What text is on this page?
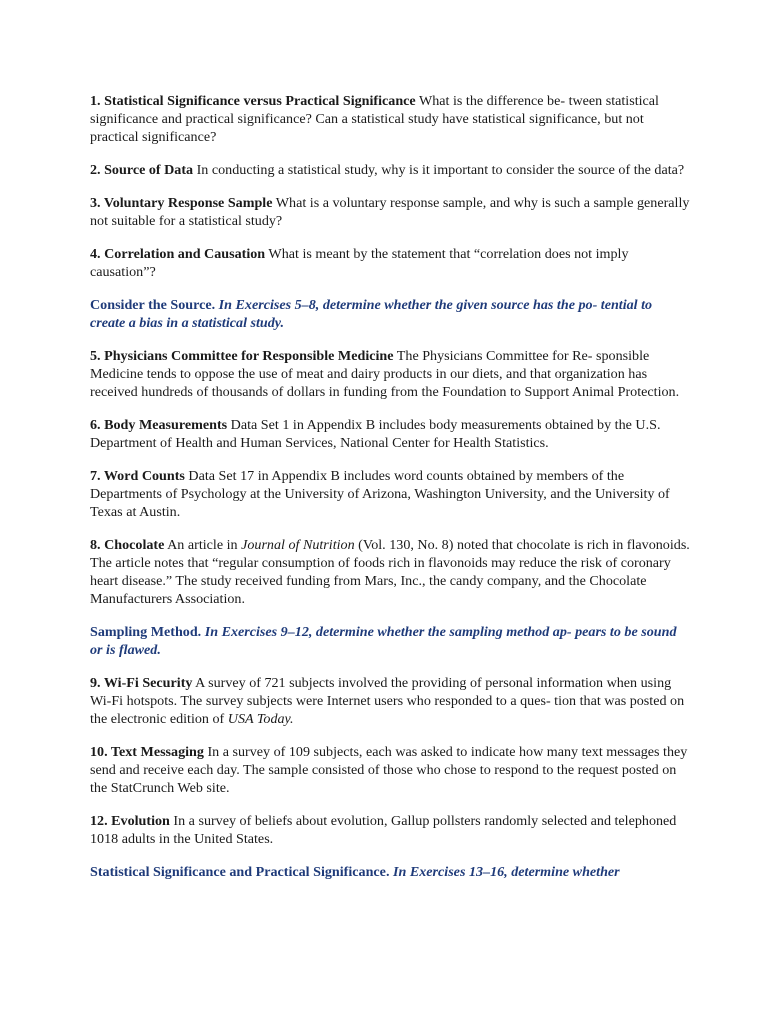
1. Statistical Significance versus Practical Significance What is the difference be- tween statistical significance and practical significance? Can a statistical study have statistical significance, but not practical significance?

2. Source of Data In conducting a statistical study, why is it important to consider the source of the data?

3. Voluntary Response Sample What is a voluntary response sample, and why is such a sample generally not suitable for a statistical study?

4. Correlation and Causation What is meant by the statement that “correlation does not imply causation”?

Consider the Source. In Exercises 5–8, determine whether the given source has the po- tential to create a bias in a statistical study.

5. Physicians Committee for Responsible Medicine The Physicians Committee for Re- sponsible Medicine tends to oppose the use of meat and dairy products in our diets, and that organization has received hundreds of thousands of dollars in funding from the Foundation to Support Animal Protection.

6. Body Measurements Data Set 1 in Appendix B includes body measurements obtained by the U.S. Department of Health and Human Services, National Center for Health Statistics.

7. Word Counts Data Set 17 in Appendix B includes word counts obtained by members of the Departments of Psychology at the University of Arizona, Washington University, and the University of Texas at Austin.

8. Chocolate An article in Journal of Nutrition (Vol. 130, No. 8) noted that chocolate is rich in flavonoids. The article notes that “regular consumption of foods rich in flavonoids may reduce the risk of coronary heart disease.” The study received funding from Mars, Inc., the candy company, and the Chocolate Manufacturers Association.

Sampling Method. In Exercises 9–12, determine whether the sampling method ap- pears to be sound or is flawed.

9. Wi-Fi Security A survey of 721 subjects involved the providing of personal information when using Wi-Fi hotspots. The survey subjects were Internet users who responded to a ques- tion that was posted on the electronic edition of USA Today.

10. Text Messaging In a survey of 109 subjects, each was asked to indicate how many text messages they send and receive each day. The sample consisted of those who chose to respond to the request posted on the StatCrunch Web site.

12. Evolution In a survey of beliefs about evolution, Gallup pollsters randomly selected and telephoned 1018 adults in the United States.

Statistical Significance and Practical Significance. In Exercises 13–16, determine whether
